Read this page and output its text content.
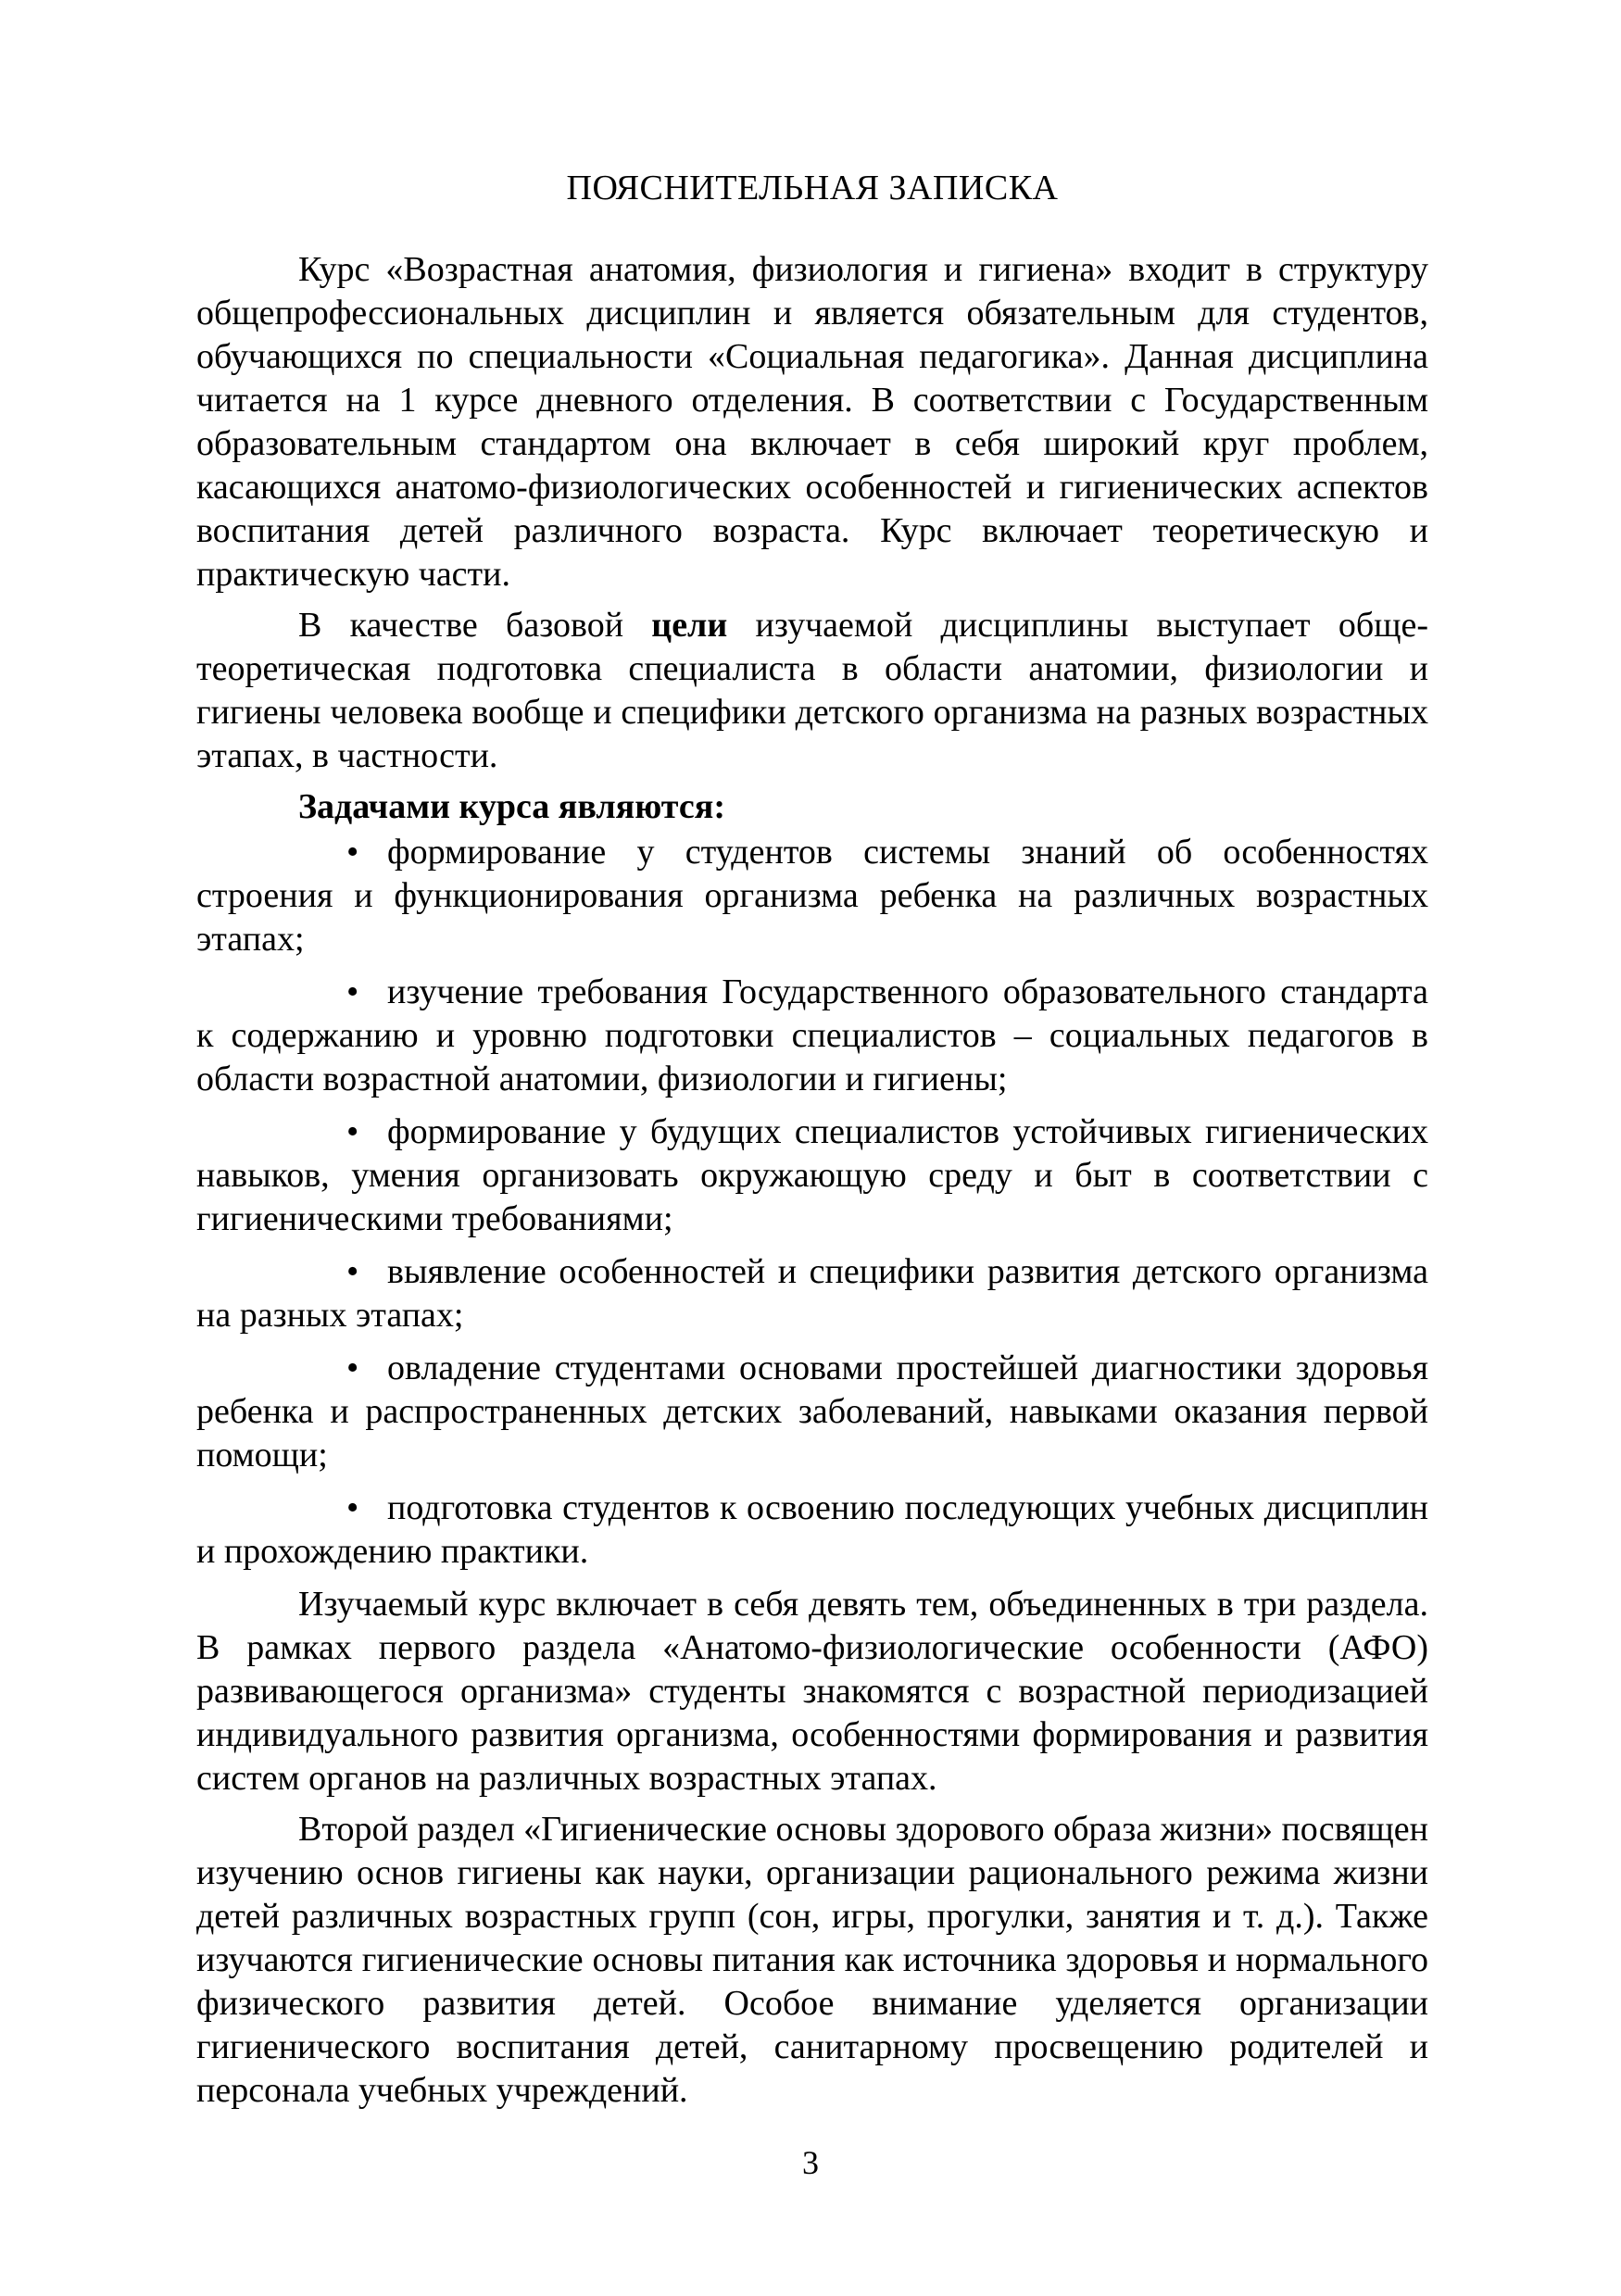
ПОЯСНИТЕЛЬНАЯ ЗАПИСКА

Курс «Возрастная анатомия, физиология и гигиена» входит в структуру общепрофессиональных дисциплин и является обязательным для студентов, обучающихся по специальности «Социальная педагогика». Данная дисциплина читается на 1 курсе дневного отделения. В соответствии с Государственным образовательным стандартом она включает в себя широкий круг проблем, касающихся анатомо-физиологических особенностей и гигиенических аспектов воспитания детей различного возраста. Курс включает теоретическую и практическую части.

В качестве базовой цели изучаемой дисциплины выступает общетеоретическая подготовка специалиста в области анатомии, физиологии и гигиены человека вообще и специфики детского организма на разных возрастных этапах, в частности.

Задачами курса являются:
• формирование у студентов системы знаний об особенностях строения и функционирования организма ребенка на различных возрастных этапах;
• изучение требования Государственного образовательного стандарта к содержанию и уровню подготовки специалистов – социальных педагогов в области возрастной анатомии, физиологии и гигиены;
• формирование у будущих специалистов устойчивых гигиенических навыков, умения организовать окружающую среду и быт в соответствии с гигиеническими требованиями;
• выявление особенностей и специфики развития детского организма на разных этапах;
• овладение студентами основами простейшей диагностики здоровья ребенка и распространенных детских заболеваний, навыками оказания первой помощи;
• подготовка студентов к освоению последующих учебных дисциплин и прохождению практики.

Изучаемый курс включает в себя девять тем, объединенных в три раздела. В рамках первого раздела «Анатомо-физиологические особенности (АФО) развивающегося организма» студенты знакомятся с возрастной периодизацией индивидуального развития организма, особенностями формирования и развития систем органов на различных возрастных этапах.

Второй раздел «Гигиенические основы здорового образа жизни» посвящен изучению основ гигиены как науки, организации рационального режима жизни детей различных возрастных групп (сон, игры, прогулки, занятия и т. д.). Также изучаются гигиенические основы питания как источника здоровья и нормального физического развития детей. Особое внимание уделяется организации гигиенического воспитания детей, санитарному просвещению родителей и персонала учебных учреждений.

3
